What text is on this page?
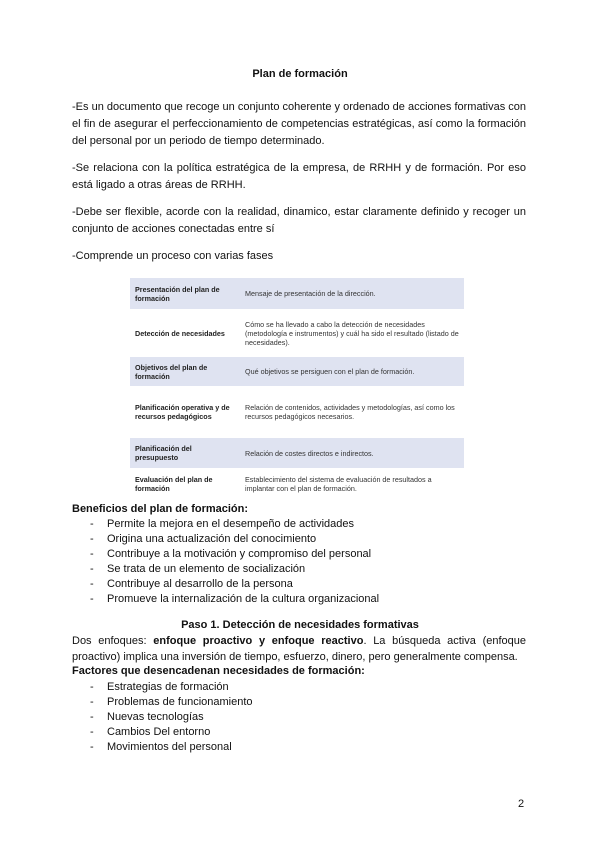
Plan de formación

-Es un documento que recoge un conjunto coherente y ordenado de acciones formativas con el fin de asegurar el perfeccionamiento de competencias estratégicas, así como la formación del personal por un periodo de tiempo determinado.

-Se relaciona con la política estratégica de la empresa, de RRHH y de formación. Por eso está ligado a otras áreas de RRHH.

-Debe ser flexible, acorde con la realidad, dinamico, estar claramente definido y recoger un conjunto de acciones conectadas entre sí

-Comprende un proceso con varias fases

Presentación del plan de formación	Mensaje de presentación de la dirección.
Detección de necesidades	Cómo se ha llevado a cabo la detección de necesidades (metodología e instrumentos) y cuál ha sido el resultado (listado de necesidades).
Objetivos del plan de formación	Qué objetivos se persiguen con el plan de formación.
Planificación operativa y de recursos pedagógicos	Relación de contenidos, actividades y metodologías, así como los recursos pedagógicos necesarios.
Planificación del presupuesto	Relación de costes directos e indirectos.
Evaluación del plan de formación	Establecimiento del sistema de evaluación de resultados a implantar con el plan de formación.
Beneficios del plan de formación:
- Permite la mejora en el desempeño de actividades
- Origina una actualización del conocimiento
- Contribuye a la motivación y compromiso del personal
- Se trata de un elemento de socialización
- Contribuye al desarrollo de la persona
- Promueve la internalización de la cultura organizacional
Paso 1. Detección de necesidades formativas

Dos enfoques: enfoque proactivo y enfoque reactivo. La búsqueda activa (enfoque proactivo) implica una inversión de tiempo, esfuerzo, dinero, pero generalmente compensa.

Factores que desencadenan necesidades de formación:
- Estrategias de formación
- Problemas de funcionamiento
- Nuevas tecnologías
- Cambios Del entorno
- Movimientos del personal
2
